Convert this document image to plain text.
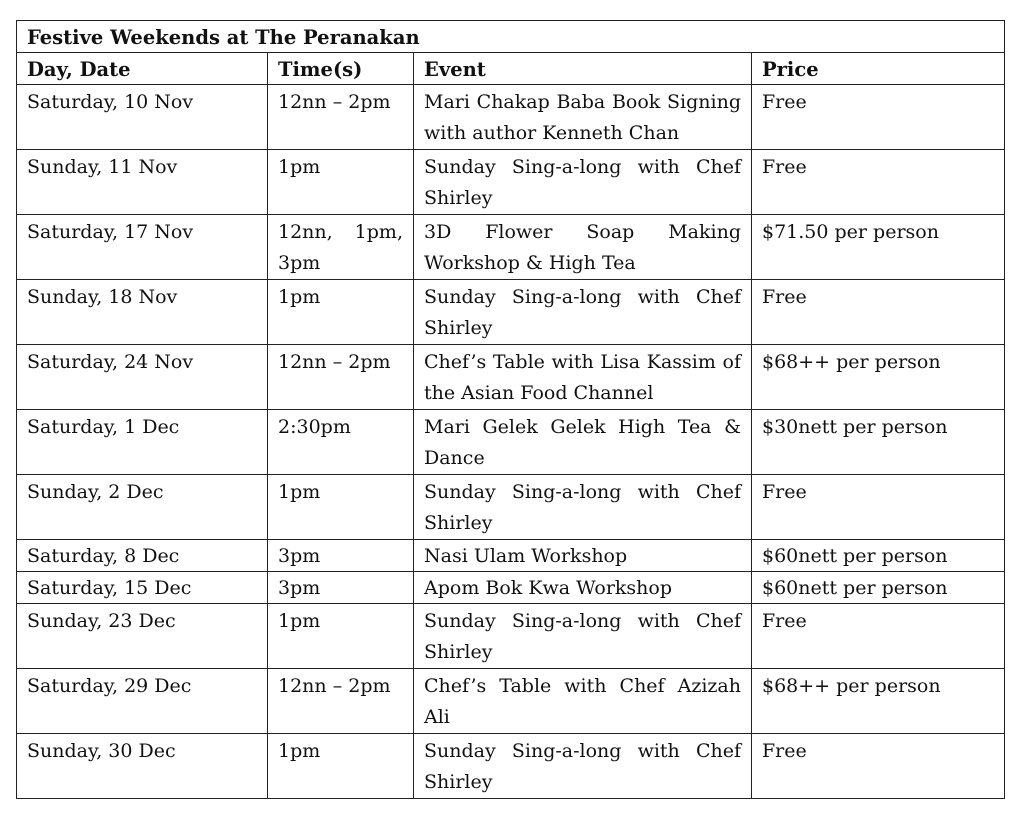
Festive Weekends at The Peranakan			
Day, Date	Time(s)	Event	Price
Saturday, 10 Nov	12nn – 2pm	Mari Chakap Baba Book Signing with author Kenneth Chan	Free
Sunday, 11 Nov	1pm	Sunday Sing-a-long with Chef Shirley	Free
Saturday, 17 Nov	12nn, 1pm, 3pm	3D Flower Soap Making Workshop & High Tea	$71.50 per person
Sunday, 18 Nov	1pm	Sunday Sing-a-long with Chef Shirley	Free
Saturday, 24 Nov	12nn – 2pm	Chef’s Table with Lisa Kassim of the Asian Food Channel	$68++ per person
Saturday, 1 Dec	2:30pm	Mari Gelek Gelek High Tea & Dance	$30nett per person
Sunday, 2 Dec	1pm	Sunday Sing-a-long with Chef Shirley	Free
Saturday, 8 Dec	3pm	Nasi Ulam Workshop	$60nett per person
Saturday, 15 Dec	3pm	Apom Bok Kwa Workshop	$60nett per person
Sunday, 23 Dec	1pm	Sunday Sing-a-long with Chef Shirley	Free
Saturday, 29 Dec	12nn – 2pm	Chef’s Table with Chef Azizah Ali	$68++ per person
Sunday, 30 Dec	1pm	Sunday Sing-a-long with Chef Shirley	Free
